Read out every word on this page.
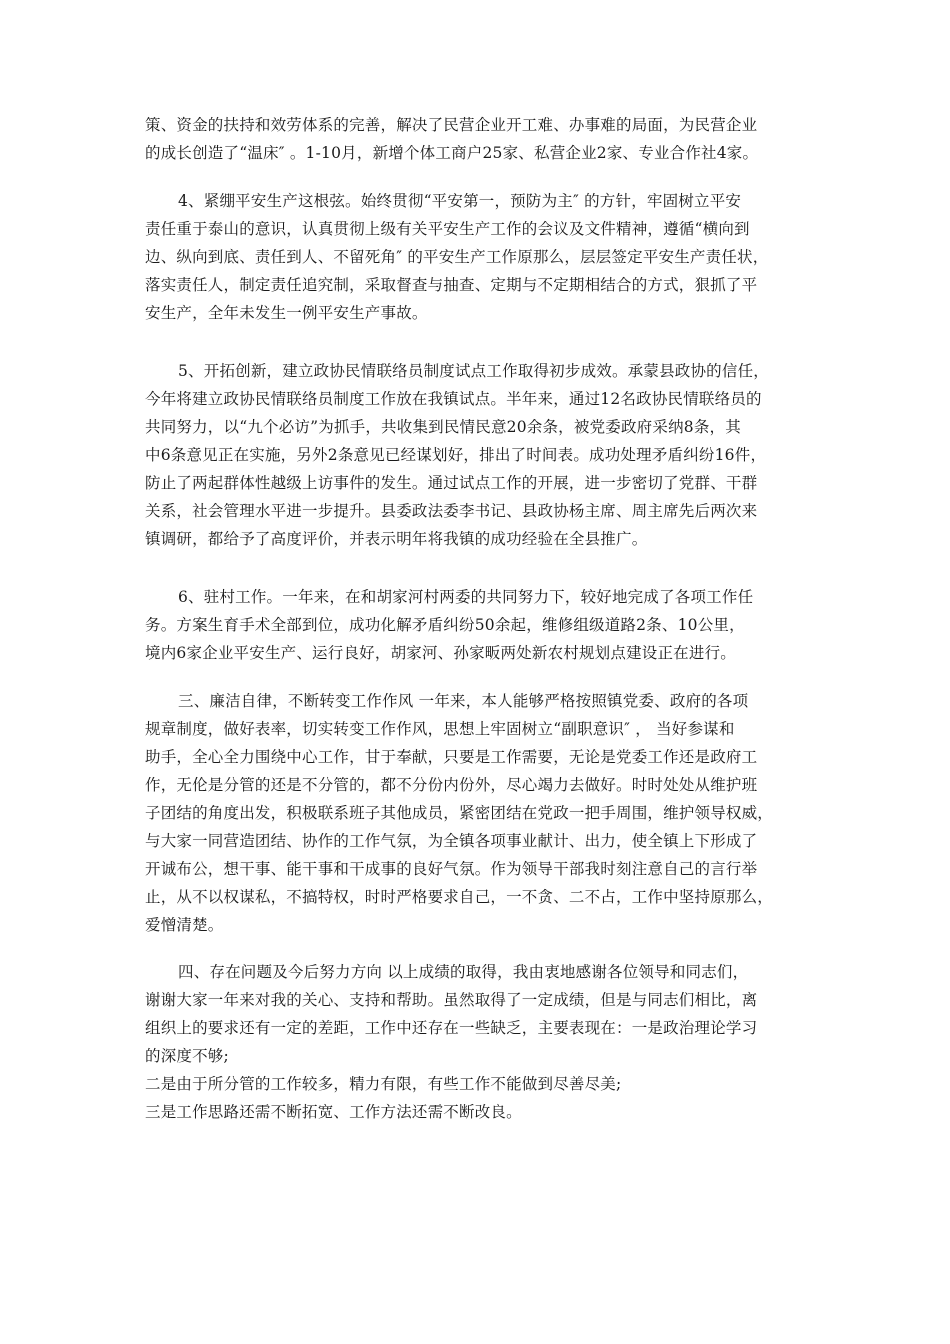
策、资金的扶持和效劳体系的完善，解决了民营企业开工难、办事难的局面，为民营企业
的成长创造了“温床″ 。1-10月，新增个体工商户25家、私营企业2家、专业合作社4家。
4、紧绷平安生产这根弦。始终贯彻“平安第一，预防为主″ 的方针，牢固树立平安
责任重于泰山的意识，认真贯彻上级有关平安生产工作的会议及文件精神，遵循“横向到
边、纵向到底、责任到人、不留死角″ 的平安生产工作原那么，层层签定平安生产责任状，
落实责任人，制定责任追究制，采取督查与抽查、定期与不定期相结合的方式，狠抓了平
安生产，全年未发生一例平安生产事故。
5、开拓创新，建立政协民情联络员制度试点工作取得初步成效。承蒙县政协的信任，
今年将建立政协民情联络员制度工作放在我镇试点。半年来，通过12名政协民情联络员的
共同努力，以“九个必访”为抓手，共收集到民情民意20余条，被党委政府采纳8条，其
中6条意见正在实施，另外2条意见已经谋划好，排出了时间表。成功处理矛盾纠纷16件，
防止了两起群体性越级上访事件的发生。通过试点工作的开展，进一步密切了党群、干群
关系，社会管理水平进一步提升。县委政法委李书记、县政协杨主席、周主席先后两次来
镇调研，都给予了高度评价，并表示明年将我镇的成功经验在全县推广。
6、驻村工作。一年来，在和胡家河村两委的共同努力下，较好地完成了各项工作任
务。方案生育手术全部到位，成功化解矛盾纠纷50余起，维修组级道路2条、10公里，
境内6家企业平安生产、运行良好，胡家河、孙家畈两处新农村规划点建设正在进行。
三、廉洁自律，不断转变工作作风 一年来，本人能够严格按照镇党委、政府的各项
规章制度，做好表率，切实转变工作作风，思想上牢固树立“副职意识″ ， 当好参谋和
助手，全心全力围绕中心工作，甘于奉献，只要是工作需要，无论是党委工作还是政府工
作，无伦是分管的还是不分管的，都不分份内份外，尽心竭力去做好。时时处处从维护班
子团结的角度出发，积极联系班子其他成员，紧密团结在党政一把手周围，维护领导权威，
与大家一同营造团结、协作的工作气氛，为全镇各项事业献计、出力，使全镇上下形成了
开诚布公，想干事、能干事和干成事的良好气氛。作为领导干部我时刻注意自己的言行举
止，从不以权谋私，不搞特权，时时严格要求自己，一不贪、二不占，工作中坚持原那么，
爱憎清楚。
四、存在问题及今后努力方向 以上成绩的取得，我由衷地感谢各位领导和同志们，
谢谢大家一年来对我的关心、支持和帮助。虽然取得了一定成绩，但是与同志们相比，离
组织上的要求还有一定的差距，工作中还存在一些缺乏，主要表现在：一是政治理论学习
的深度不够;
二是由于所分管的工作较多，精力有限，有些工作不能做到尽善尽美;
三是工作思路还需不断拓宽、工作方法还需不断改良。
